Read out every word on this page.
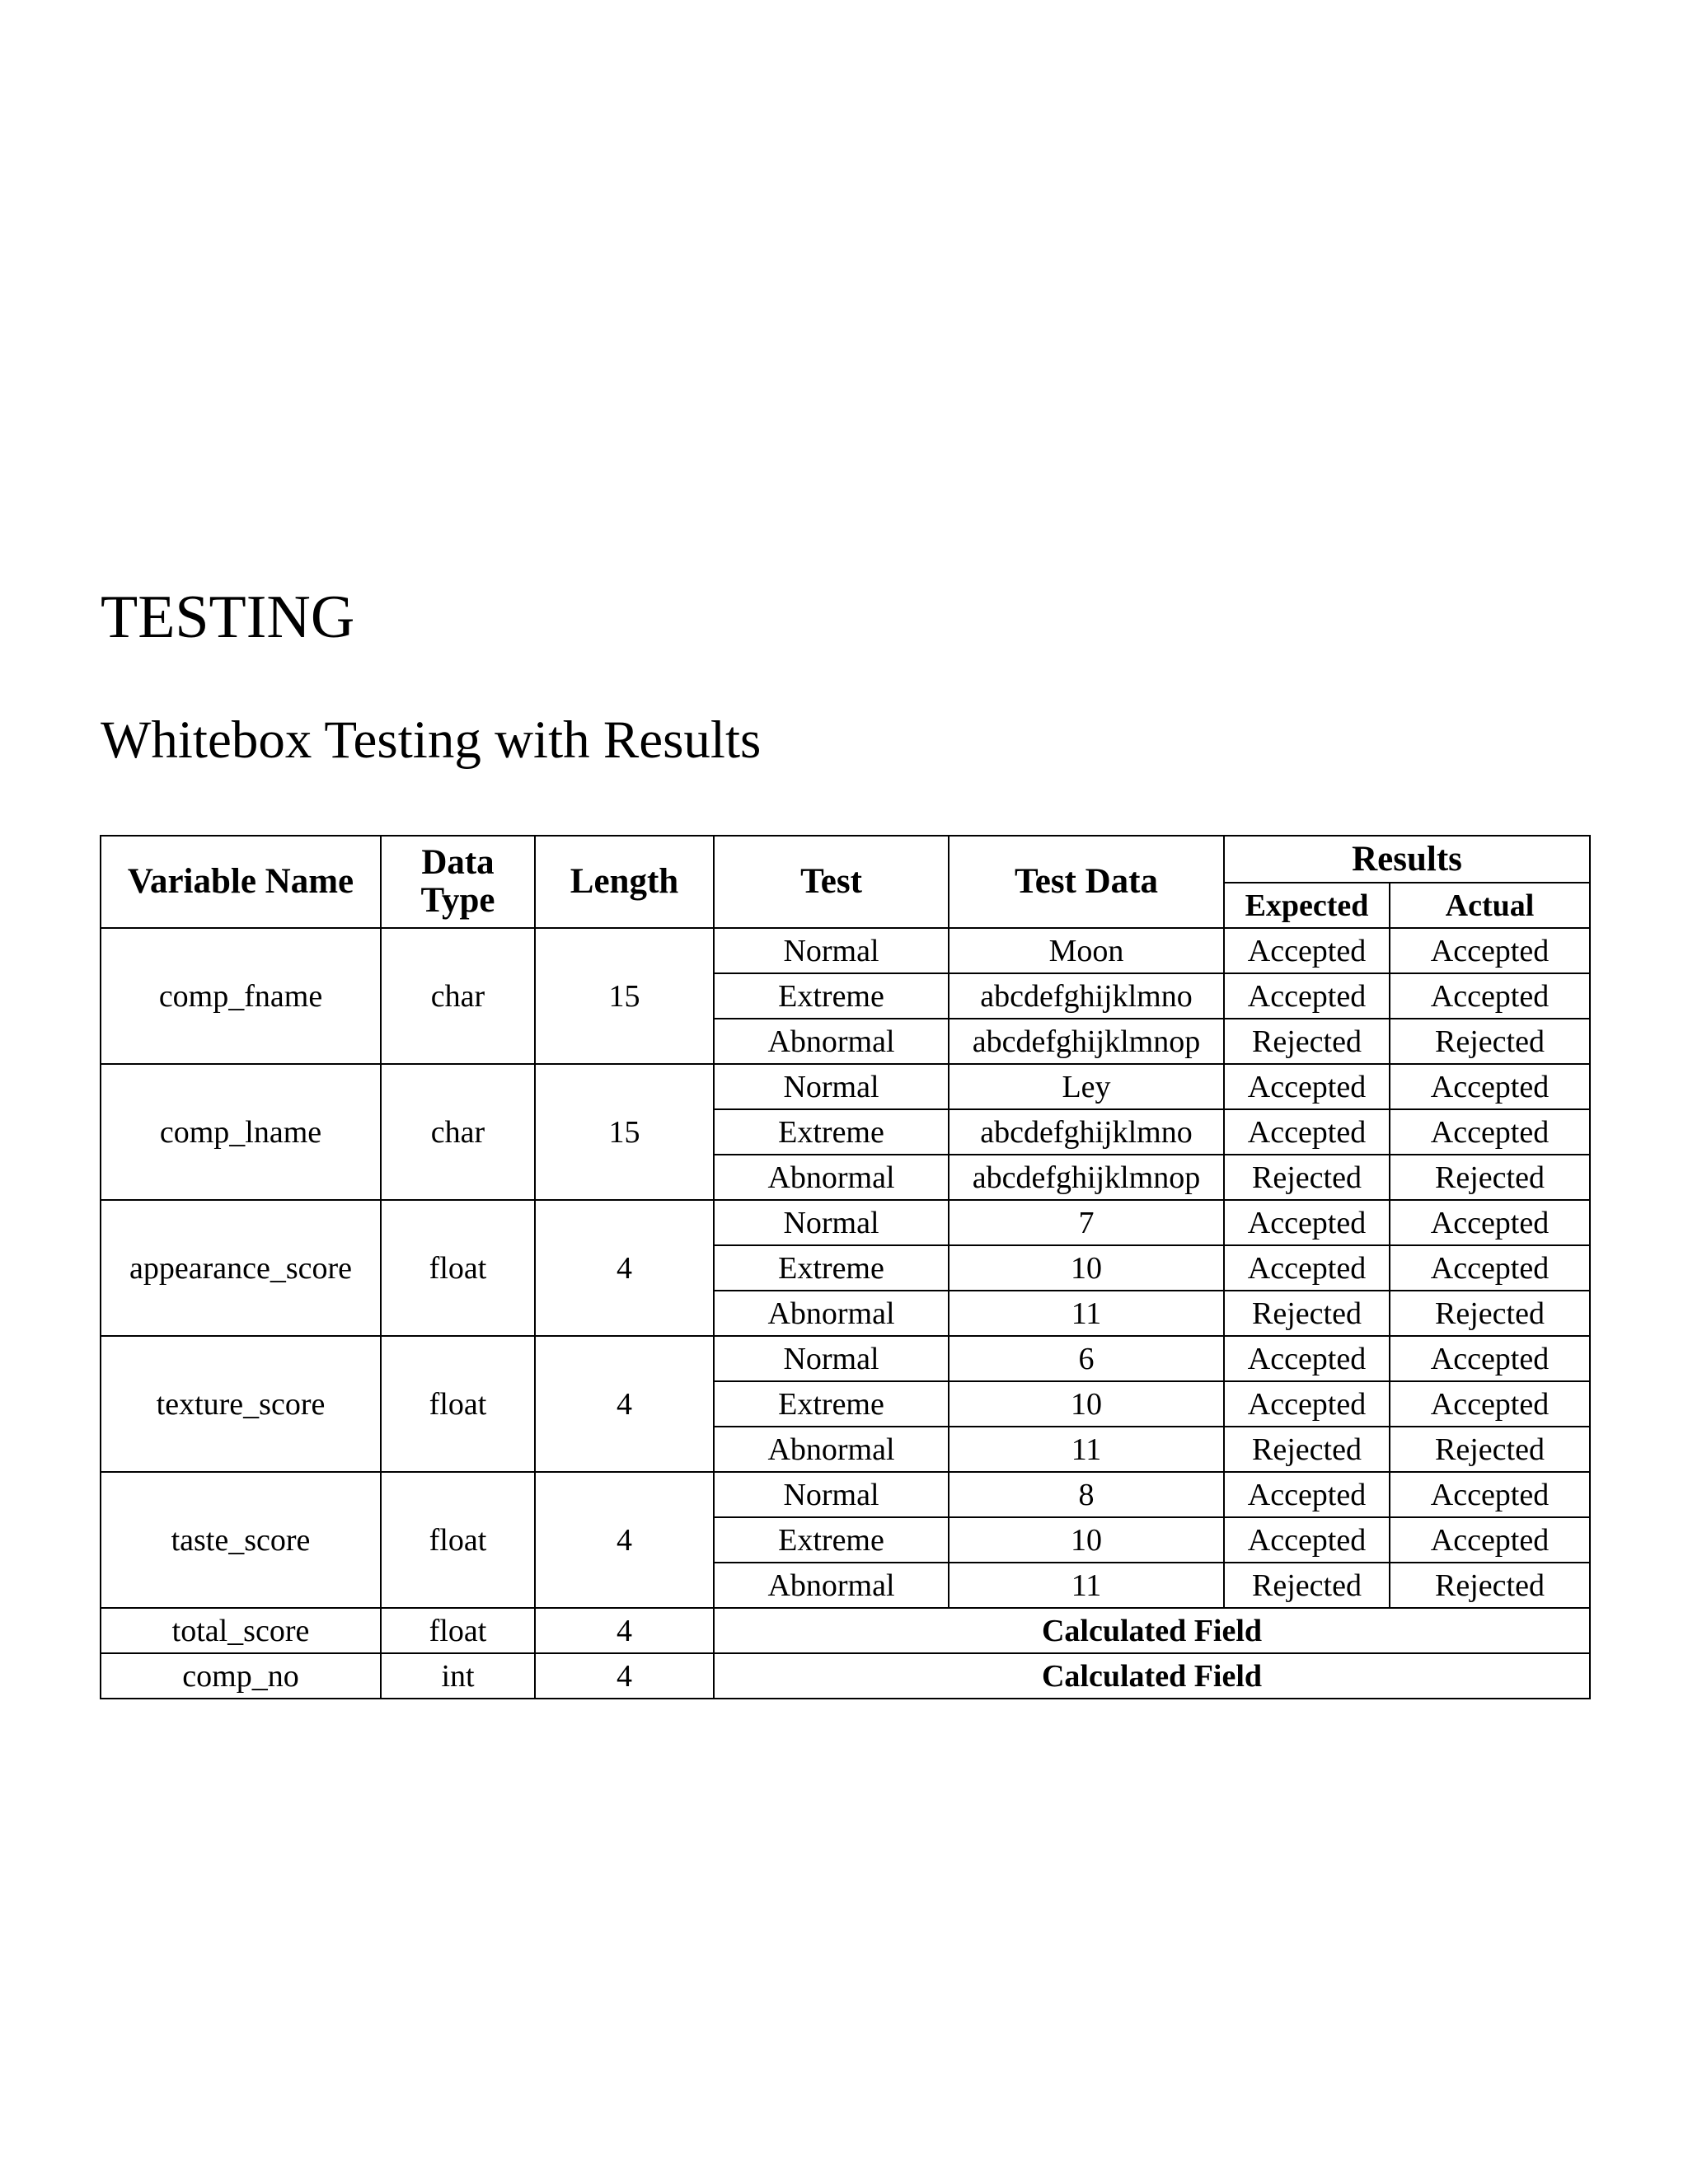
TESTING
Whitebox Testing with Results
Variable Name	Data Type	Length	Test	Test Data	Results	
					Expected	Actual
comp_fname	char	15	Normal	Moon	Accepted	Accepted
			Extreme	abcdefghijklmno	Accepted	Accepted
			Abnormal	abcdefghijklmnop	Rejected	Rejected
comp_lname	char	15	Normal	Ley	Accepted	Accepted
			Extreme	abcdefghijklmno	Accepted	Accepted
			Abnormal	abcdefghijklmnop	Rejected	Rejected
appearance_score	float	4	Normal	7	Accepted	Accepted
			Extreme	10	Accepted	Accepted
			Abnormal	11	Rejected	Rejected
texture_score	float	4	Normal	6	Accepted	Accepted
			Extreme	10	Accepted	Accepted
			Abnormal	11	Rejected	Rejected
taste_score	float	4	Normal	8	Accepted	Accepted
			Extreme	10	Accepted	Accepted
			Abnormal	11	Rejected	Rejected
total_score	float	4	Calculated Field			
comp_no	int	4	Calculated Field			
